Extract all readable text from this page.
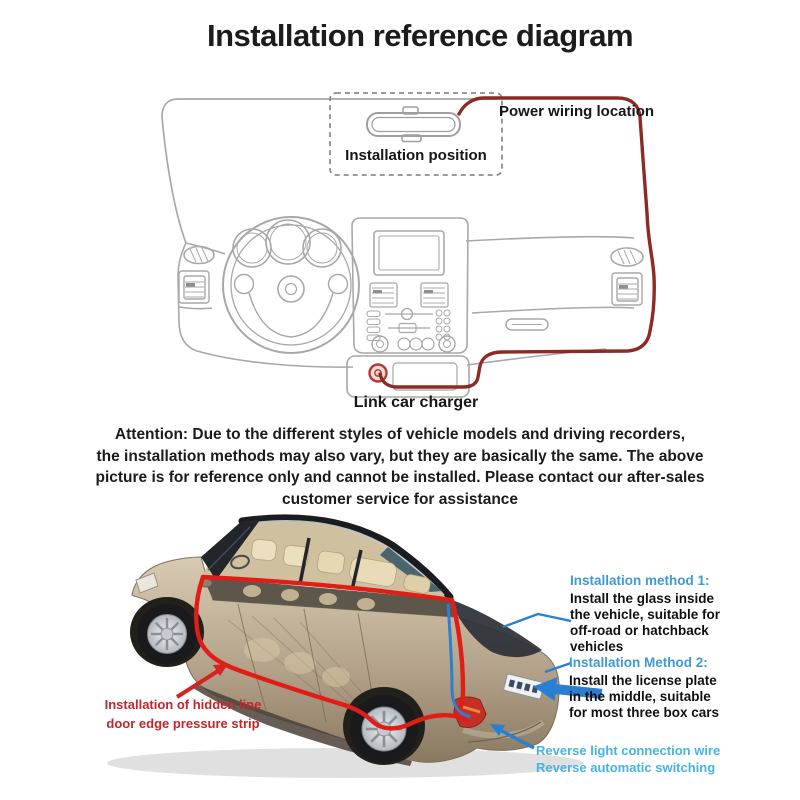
Installation reference diagram
Power wiring location
Installation position
Link car charger
Attention: Due to the different styles of vehicle models and driving recorders,
the installation methods may also vary, but they are basically the same. The above
picture is for reference only and cannot be installed. Please contact our after-sales
customer service for assistance
Installation method 1:
Install the glass inside
the vehicle, suitable for
off-road or hatchback
vehicles
Installation Method 2:
Install the license plate
in the middle, suitable
for most three box cars
Installation of hidden line
door edge pressure strip
Reverse light connection wire
Reverse automatic switching
